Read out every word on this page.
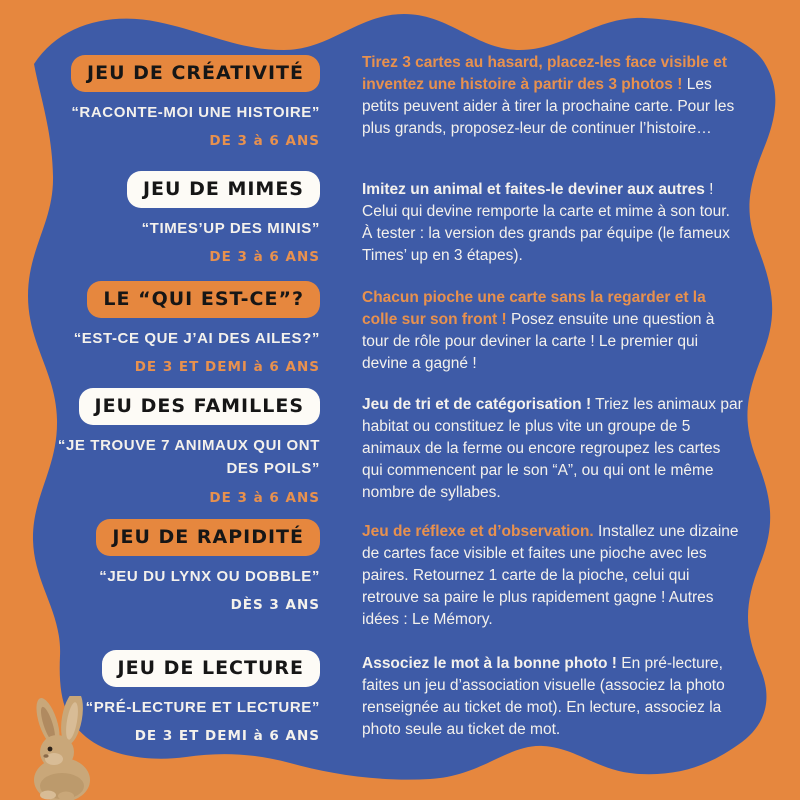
JEU DE CRÉATIVITÉ
“RACONTE-MOI UNE HISTOIRE”
DE 3 à 6 ANS
JEU DE MIMES
“TIMES’UP DES MINIS”
DE 3 à 6 ANS
LE “QUI EST-CE”?
“EST-CE QUE J’AI DES AILES?”
DE 3 ET DEMI à 6 ANS
JEU DES FAMILLES
“JE TROUVE 7 ANIMAUX QUI ONT DES POILS”
DE 3 à 6 ANS
JEU DE RAPIDITÉ
“JEU DU LYNX OU DOBBLE”
DÈS 3 ANS
JEU DE LECTURE
“PRÉ-LECTURE ET LECTURE”
DE 3 ET DEMI à 6 ANS
Tirez 3 cartes au hasard, placez-les face visible et inventez une histoire à partir des 3 photos ! Les petits peuvent aider à tirer la prochaine carte. Pour les plus grands, proposez-leur de continuer l’histoire…
Imitez un animal et faites-le deviner aux autres ! Celui qui devine remporte la carte et mime à son tour. À tester : la version des grands par équipe (le fameux Times’ up en 3 étapes).
Chacun pioche une carte sans la regarder et la colle sur son front ! Posez ensuite une question à tour de rôle pour deviner la carte ! Le premier qui devine a gagné !
Jeu de tri et de catégorisation ! Triez les animaux par habitat ou constituez le plus vite un groupe de 5 animaux de la ferme ou encore regroupez les cartes qui commencent par le son “A”, ou qui ont le même nombre de syllabes.
Jeu de réflexe et d’observation. Installez une dizaine de cartes face visible et faites une pioche avec les paires. Retournez 1 carte de la pioche, celui qui retrouve sa paire le plus rapidement gagne ! Autres idées : Le Mémory.
Associez le mot à la bonne photo ! En pré-lecture, faites un jeu d’association visuelle (associez la photo renseignée au ticket de mot). En lecture, associez la photo seule au ticket de mot.
